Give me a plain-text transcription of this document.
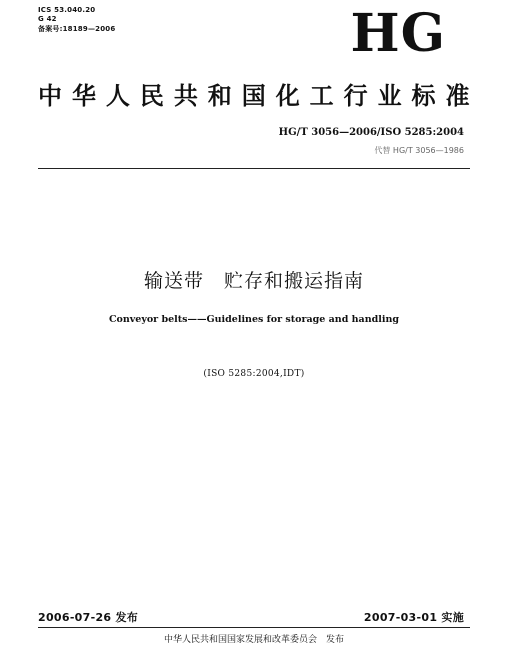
ICS 53.040.20
G 42
备案号:18189—2006	HG
中华人民共和国化工行业标准
HG/T 3056—2006/ISO 5285:2004
代替 HG/T 3056—1986
输送带　贮存和搬运指南
Conveyor belts——Guidelines for storage and handling
(ISO 5285:2004,IDT)
2006-07-26 发布	2007-03-01 实施
中华人民共和国国家发展和改革委员会　发布
